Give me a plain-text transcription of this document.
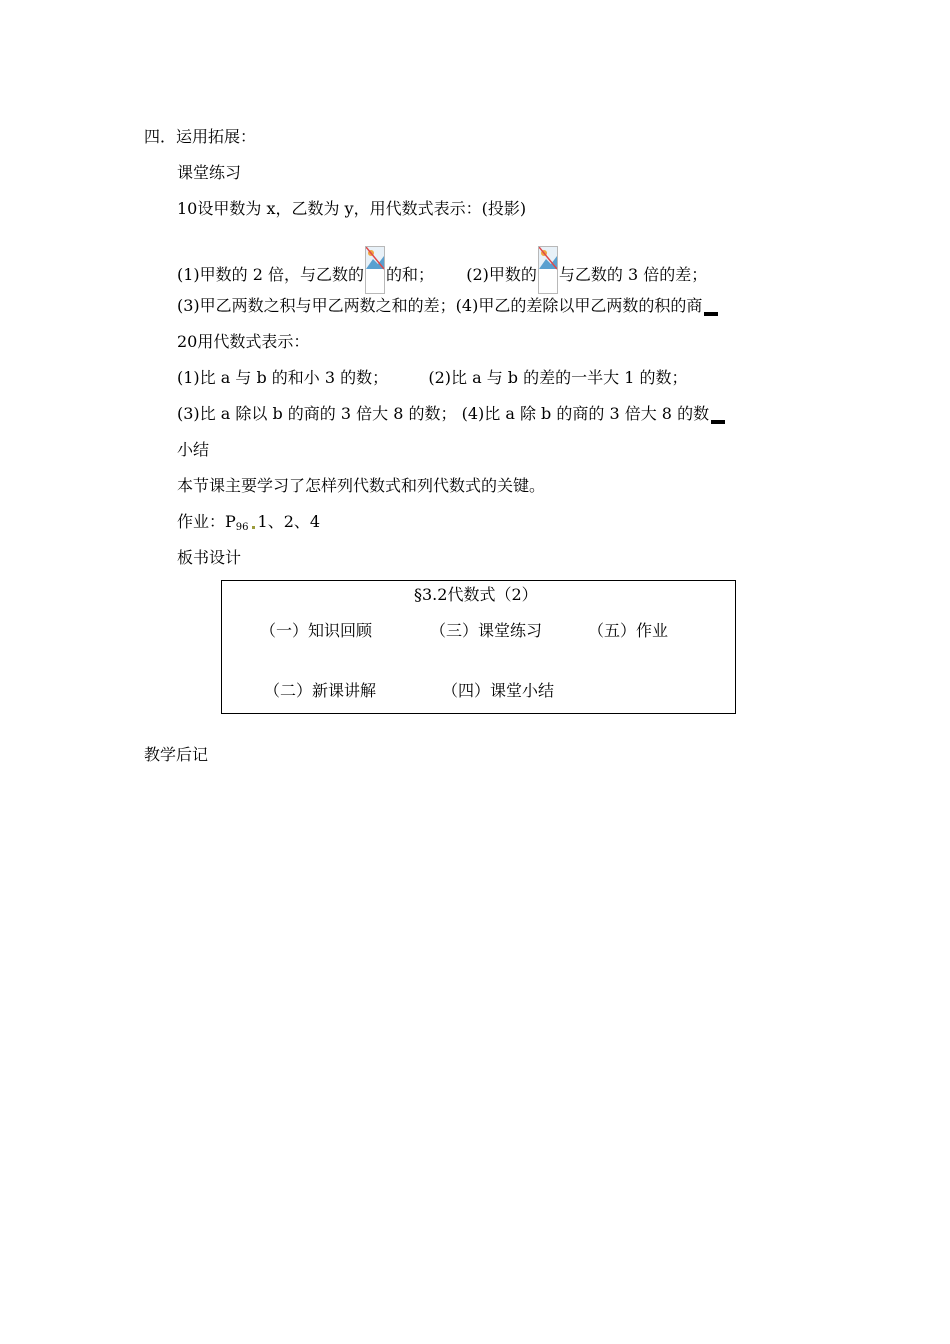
四．运用拓展：
课堂练习
10设甲数为 x，乙数为 y，用代数式表示：(投影)
(1)甲数的 2 倍，与乙数的 的和； (2)甲数的 与乙数的 3 倍的差；
(3)甲乙两数之积与甲乙两数之和的差；(4)甲乙的差除以甲乙两数的积的商
20用代数式表示：
(1)比 a 与 b 的和小 3 的数；	(2)比 a 与 b 的差的一半大 1 的数；
(3)比 a 除以 b 的商的 3 倍大 8 的数； (4)比 a 除 b 的商的 3 倍大 8 的数
小结
本节课主要学习了怎样列代数式和列代数式的关键。
作业：$P_{96}$ 1、2、4
板书设计
§3.2代数式（2）
（一）知识回顾	（三）课堂练习	（五）作业
（二）新课讲解	（四）课堂小结
教学后记
